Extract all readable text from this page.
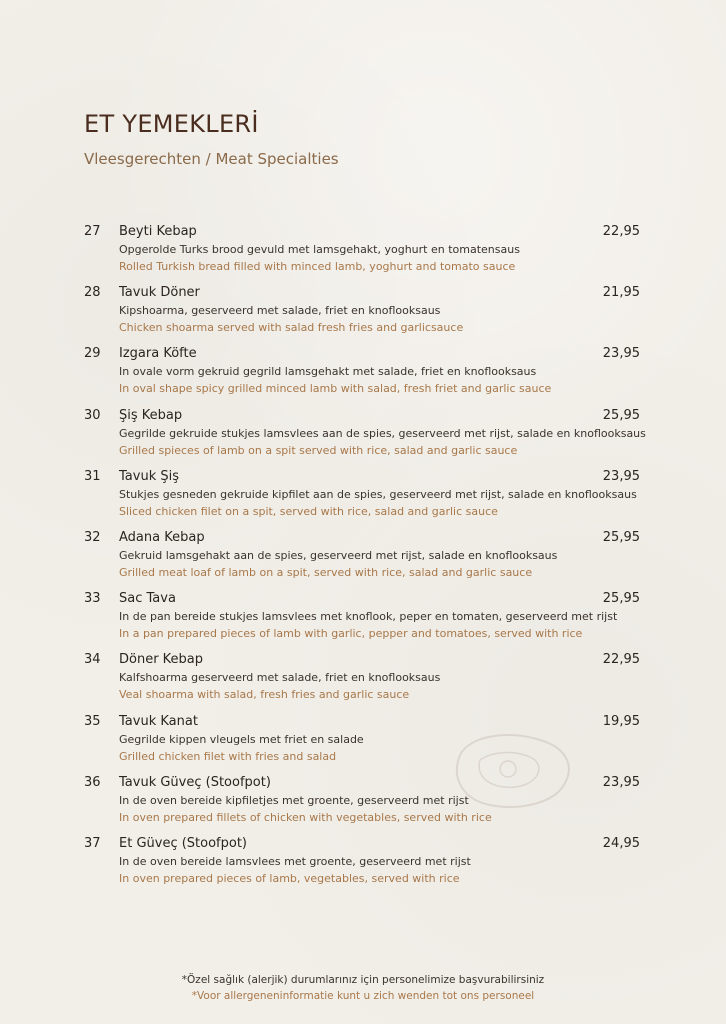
ET YEMEKLERİ

Vleesgerechten / Meat Specialties

27 Beyti Kebap	22,95
Opgerolde Turks brood gevuld met lamsgehakt, yoghurt en tomatensaus
Rolled Turkish bread filled with minced lamb, yoghurt and tomato sauce
28 Tavuk Döner	21,95
Kipshoarma, geserveerd met salade, friet en knoflooksaus
Chicken shoarma served with salad fresh fries and garlicsauce
29 Izgara Köfte	23,95
In ovale vorm gekruid gegrild lamsgehakt met salade, friet en knoflooksaus
In oval shape spicy grilled minced lamb with salad, fresh friet and garlic sauce
30 Şiş Kebap	25,95
Gegrilde gekruide stukjes lamsvlees aan de spies, geserveerd met rijst, salade en knoflooksaus
Grilled spieces of lamb on a spit served with rice, salad and garlic sauce
31 Tavuk Şiş	23,95
Stukjes gesneden gekruide kipfilet aan de spies, geserveerd met rijst, salade en knoflooksaus
Sliced chicken filet on a spit, served with rice, salad and garlic sauce
32 Adana Kebap	25,95
Gekruid lamsgehakt aan de spies, geserveerd met rijst, salade en knoflooksaus
Grilled meat loaf of lamb on a spit, served with rice, salad and garlic sauce
33 Sac Tava	25,95
In de pan bereide stukjes lamsvlees met knoflook, peper en tomaten, geserveerd met rijst
In a pan prepared pieces of lamb with garlic, pepper and tomatoes, served with rice
34 Döner Kebap	22,95
Kalfshoarma geserveerd met salade, friet en knoflooksaus
Veal shoarma with salad, fresh fries and garlic sauce
35 Tavuk Kanat	19,95
Gegrilde kippen vleugels met friet en salade
Grilled chicken filet with fries and salad
36 Tavuk Güveç (Stoofpot)	23,95
In de oven bereide kipfiletjes met groente, geserveerd met rijst
In oven prepared fillets of chicken with vegetables, served with rice
37 Et Güveç (Stoofpot)	24,95
In de oven bereide lamsvlees met groente, geserveerd met rijst
In oven prepared pieces of lamb, vegetables, served with rice
*Özel sağlık (alerjik) durumlarınız için personelimize başvurabilirsiniz
*Voor allergeneninformatie kunt u zich wenden tot ons personeel
